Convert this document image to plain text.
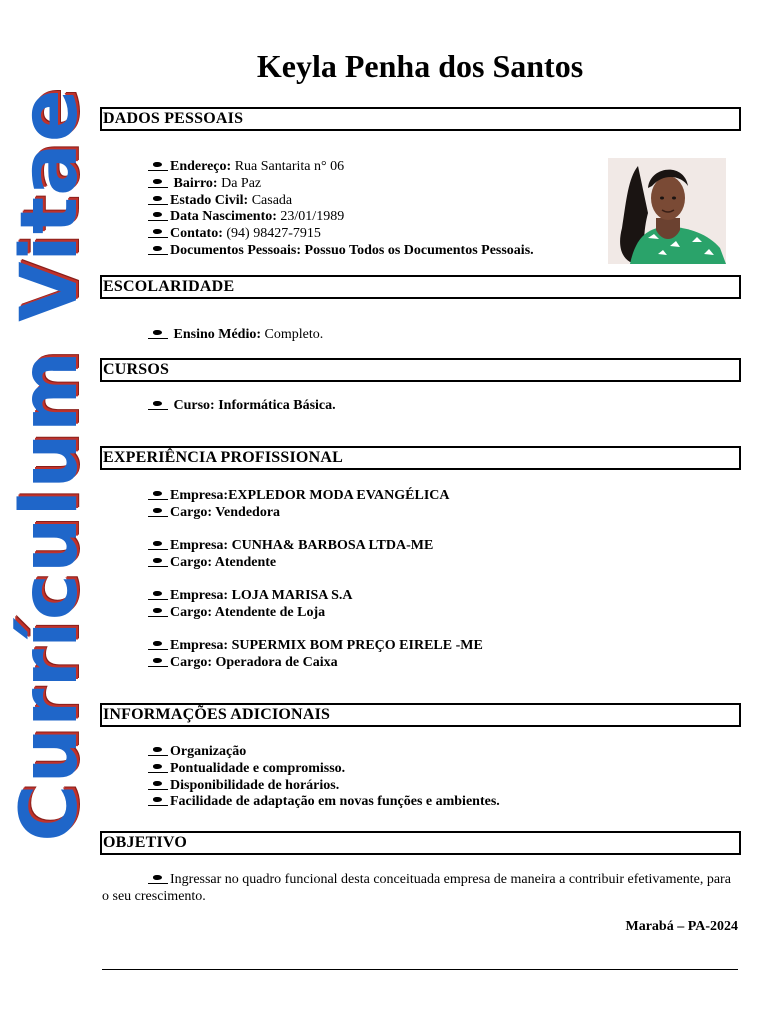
Currículum Vitae
Keyla Penha dos Santos
DADOS PESSOAIS
Endereço: Rua Santarita n° 06
Bairro: Da Paz
Estado Civil: Casada
Data Nascimento: 23/01/1989
Contato: (94) 98427-7915
Documentos Pessoais: Possuo Todos os Documentos Pessoais.
ESCOLARIDADE
Ensino Médio: Completo.
CURSOS
Curso: Informática Básica.
EXPERIÊNCIA PROFISSIONAL
Empresa:EXPLEDOR MODA EVANGÉLICA
Cargo: Vendedora
Empresa: CUNHA& BARBOSA LTDA-ME
Cargo: Atendente
Empresa: LOJA MARISA S.A
Cargo: Atendente de Loja
Empresa: SUPERMIX BOM PREÇO EIRELE -ME
Cargo: Operadora de Caixa
INFORMAÇÕES ADICIONAIS
Organização
Pontualidade e compromisso.
Disponibilidade de horários.
Facilidade de adaptação em novas funções e ambientes.
OBJETIVO
Ingressar no quadro funcional desta conceituada empresa de maneira a contribuir efetivamente, para o seu crescimento.
Marabá – PA-2024
